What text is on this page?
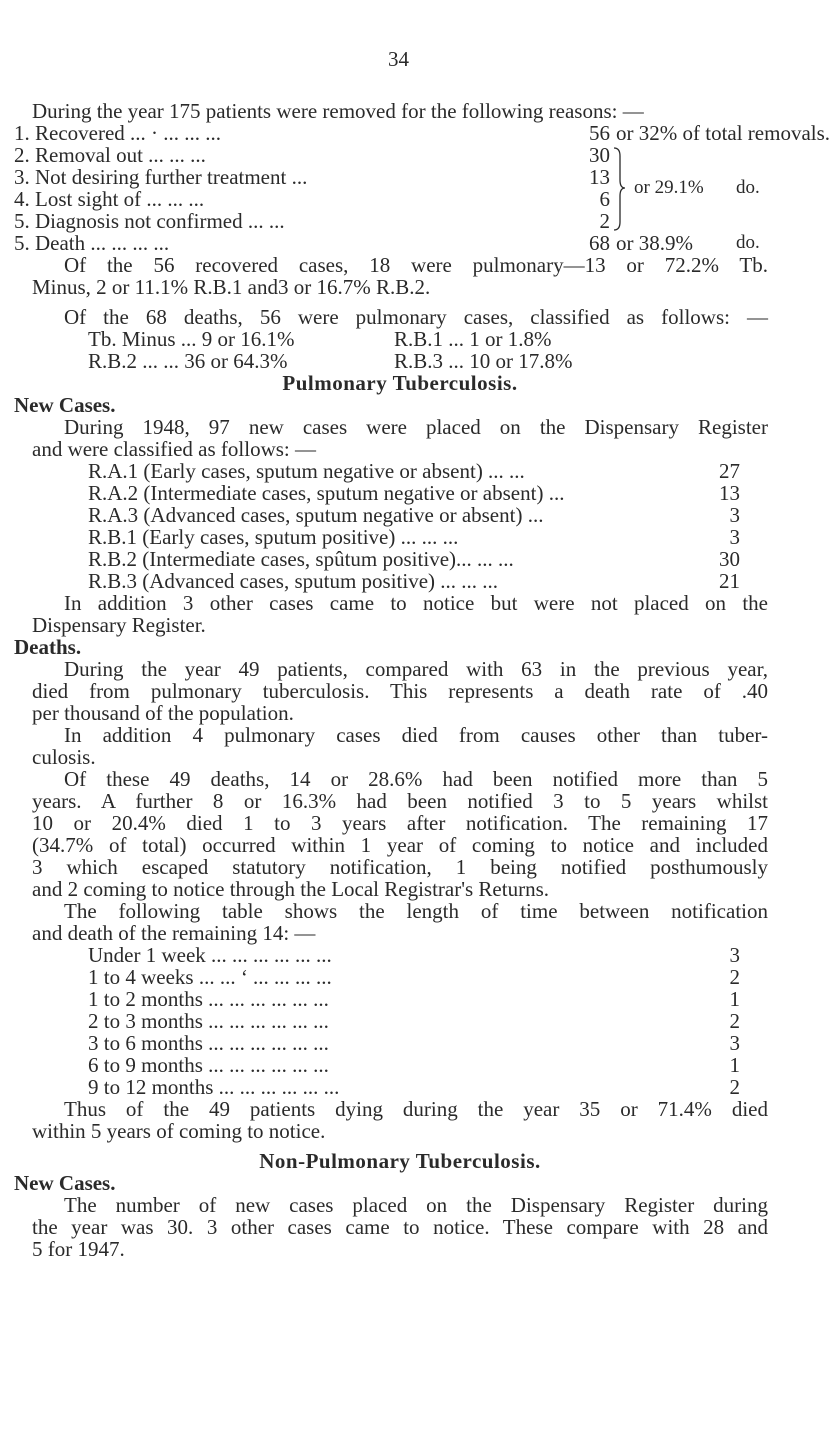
34
During the year 175 patients were removed for the following reasons: —
1. Recovered ... · ... ... ...	56 or 32% of total removals.
2. Removal out ... ... ...	30
3. Not desiring further treatment ...	13
4. Lost sight of ... ... ...	6
5. Diagnosis not confirmed ... ...	2
or 29.1% do.
5. Death ... ... ... ...	68 or 38.9% do.
Of the 56 recovered cases, 18 were pulmonary—13 or 72.2% Tb.
Minus, 2 or 11.1% R.B.1 and3 or 16.7% R.B.2.
Of the 68 deaths, 56 were pulmonary cases, classified as follows: —
Tb. Minus ... 9 or 16.1%	R.B.1 ... 1 or 1.8%
R.B.2 ... ... 36 or 64.3%	R.B.3 ... 10 or 17.8%
Pulmonary Tuberculosis.
New Cases.
During 1948, 97 new cases were placed on the Dispensary Register
and were classified as follows: —
R.A.1 (Early cases, sputum negative or absent) ... ...	27
R.A.2 (Intermediate cases, sputum negative or absent) ...	13
R.A.3 (Advanced cases, sputum negative or absent) ...	3
R.B.1 (Early cases, sputum positive) ... ... ...	3
R.B.2 (Intermediate cases, spûtum positive)... ... ...	30
R.B.3 (Advanced cases, sputum positive) ... ... ...	21
In addition 3 other cases came to notice but were not placed on the
Dispensary Register.
Deaths.
During the year 49 patients, compared with 63 in the previous year,
died from pulmonary tuberculosis. This represents a death rate of .40
per thousand of the population.
In addition 4 pulmonary cases died from causes other than tuber-
culosis.
Of these 49 deaths, 14 or 28.6% had been notified more than 5
years. A further 8 or 16.3% had been notified 3 to 5 years whilst
10 or 20.4% died 1 to 3 years after notification. The remaining 17
(34.7% of total) occurred within 1 year of coming to notice and included
3 which escaped statutory notification, 1 being notified posthumously
and 2 coming to notice through the Local Registrar's Returns.
The following table shows the length of time between notification
and death of the remaining 14: —
Under 1 week ... ... ... ... ... ...	3
1 to 4 weeks ... ... ‘ ... ... ... ...	2
1 to 2 months ... ... ... ... ... ...	1
2 to 3 months ... ... ... ... ... ...	2
3 to 6 months ... ... ... ... ... ...	3
6 to 9 months ... ... ... ... ... ...	1
9 to 12 months ... ... ... ... ... ...	2
Thus of the 49 patients dying during the year 35 or 71.4% died
within 5 years of coming to notice.
Non-Pulmonary Tuberculosis.
New Cases.
The number of new cases placed on the Dispensary Register during
the year was 30. 3 other cases came to notice. These compare with 28 and
5 for 1947.
